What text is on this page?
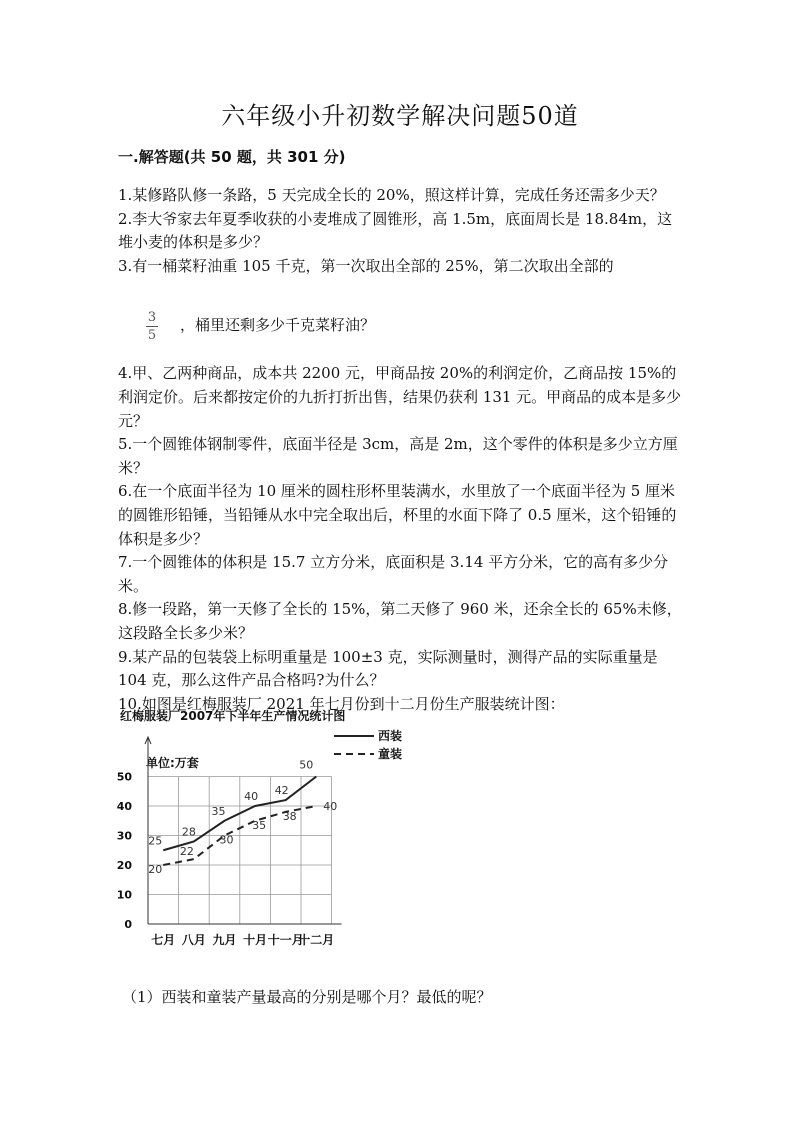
六年级小升初数学解决问题50道
一.解答题(共 50 题，共 301 分)

1.某修路队修一条路，5 天完成全长的 20%，照这样计算，完成任务还需多少天？

2.李大爷家去年夏季收获的小麦堆成了圆锥形，高 1.5m，底面周长是 18.84m，这堆小麦的体积是多少？

3.有一桶菜籽油重 105 千克，第一次取出全部的 25%，第二次取出全部的

3
5
，桶里还剩多少千克菜籽油？

4.甲、乙两种商品，成本共 2200 元，甲商品按 20%的利润定价，乙商品按 15%的利润定价。后来都按定价的九折打折出售，结果仍获利 131 元。甲商品的成本是多少元？

5.一个圆锥体钢制零件，底面半径是 3cm，高是 2m，这个零件的体积是多少立方厘米？

6.在一个底面半径为 10 厘米的圆柱形杯里装满水，水里放了一个底面半径为 5 厘米的圆锥形铅锤，当铅锤从水中完全取出后，杯里的水面下降了 0.5 厘米，这个铅锤的体积是多少？

7.一个圆锥体的体积是 15.7 立方分米，底面积是 3.14 平方分米，它的高有多少分米。

8.修一段路，第一天修了全长的 15%，第二天修了 960 米，还余全长的 65%未修，这段路全长多少米？

9.某产品的包装袋上标明重量是 100±3 克，实际测量时，测得产品的实际重量是 104 克，那么这件产品合格吗?为什么？

10.如图是红梅服装厂 2021 年七月份到十二月份生产服装统计图：

红梅服装厂2007年下半年生产情况统计图
西装
童装
单位:万套
0
10
20
30
40
50
七月 八月 九月 十月 十一月
十二月
25
28
35
40 42
50
20
22
30
35
38
40
（1）西装和童装产量最高的分别是哪个月？最低的呢？
